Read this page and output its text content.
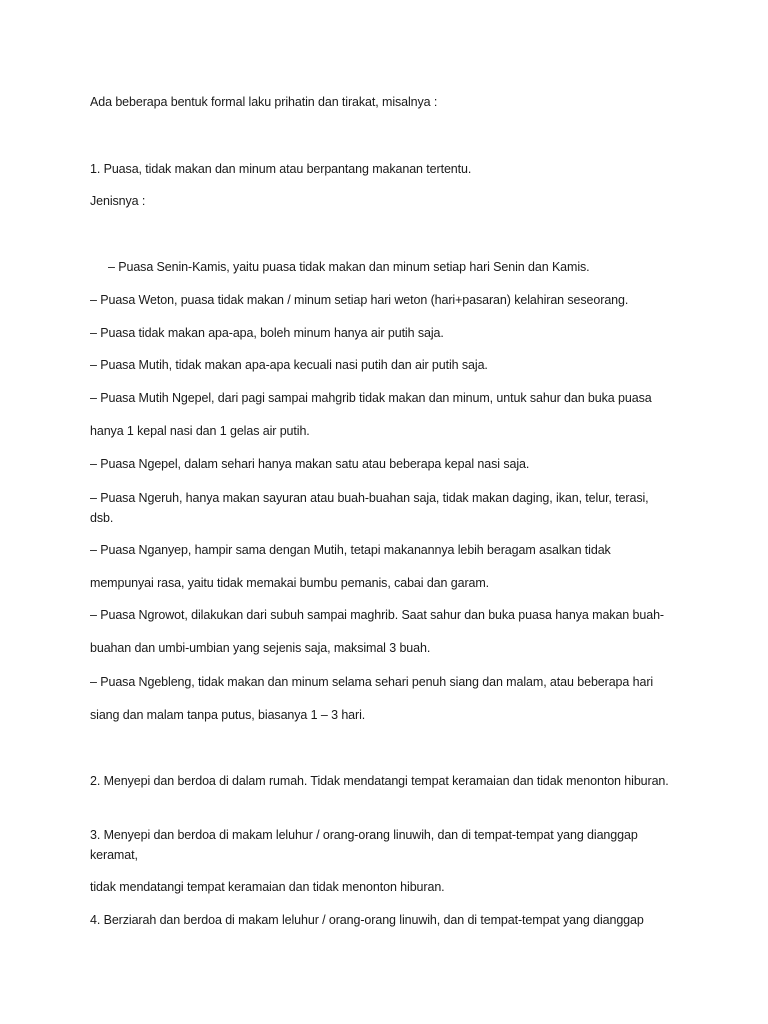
Ada beberapa bentuk formal laku prihatin dan tirakat, misalnya :
1. Puasa, tidak makan dan minum atau berpantang makanan tertentu.
Jenisnya :
– Puasa Senin-Kamis, yaitu puasa tidak makan dan minum setiap hari Senin dan Kamis.
– Puasa Weton, puasa tidak makan / minum setiap hari weton (hari+pasaran) kelahiran seseorang.
– Puasa tidak makan apa-apa, boleh minum hanya air putih saja.
– Puasa Mutih, tidak makan apa-apa kecuali nasi putih dan air putih saja.
– Puasa Mutih Ngepel, dari pagi sampai mahgrib tidak makan dan minum, untuk sahur dan buka puasa
hanya 1 kepal nasi dan 1 gelas air putih.
– Puasa Ngepel, dalam sehari hanya makan satu atau beberapa kepal nasi saja.
– Puasa Ngeruh, hanya makan sayuran atau buah-buahan saja, tidak makan daging, ikan, telur, terasi, dsb.
– Puasa Nganyep, hampir sama dengan Mutih, tetapi makanannya lebih beragam asalkan tidak
mempunyai rasa, yaitu tidak memakai bumbu pemanis, cabai dan garam.
– Puasa Ngrowot, dilakukan dari subuh sampai maghrib. Saat sahur dan buka puasa hanya makan buah-
buahan dan umbi-umbian yang sejenis saja, maksimal 3 buah.
– Puasa Ngebleng, tidak makan dan minum selama sehari penuh siang dan malam, atau beberapa hari
siang dan malam tanpa putus, biasanya 1 – 3 hari.
2. Menyepi dan berdoa di dalam rumah. Tidak mendatangi tempat keramaian dan tidak menonton hiburan.
3. Menyepi dan berdoa di makam leluhur / orang-orang linuwih, dan di tempat-tempat yang dianggap keramat,
tidak mendatangi tempat keramaian dan tidak menonton hiburan.
4. Berziarah dan berdoa di makam leluhur / orang-orang linuwih, dan di tempat-tempat yang dianggap
